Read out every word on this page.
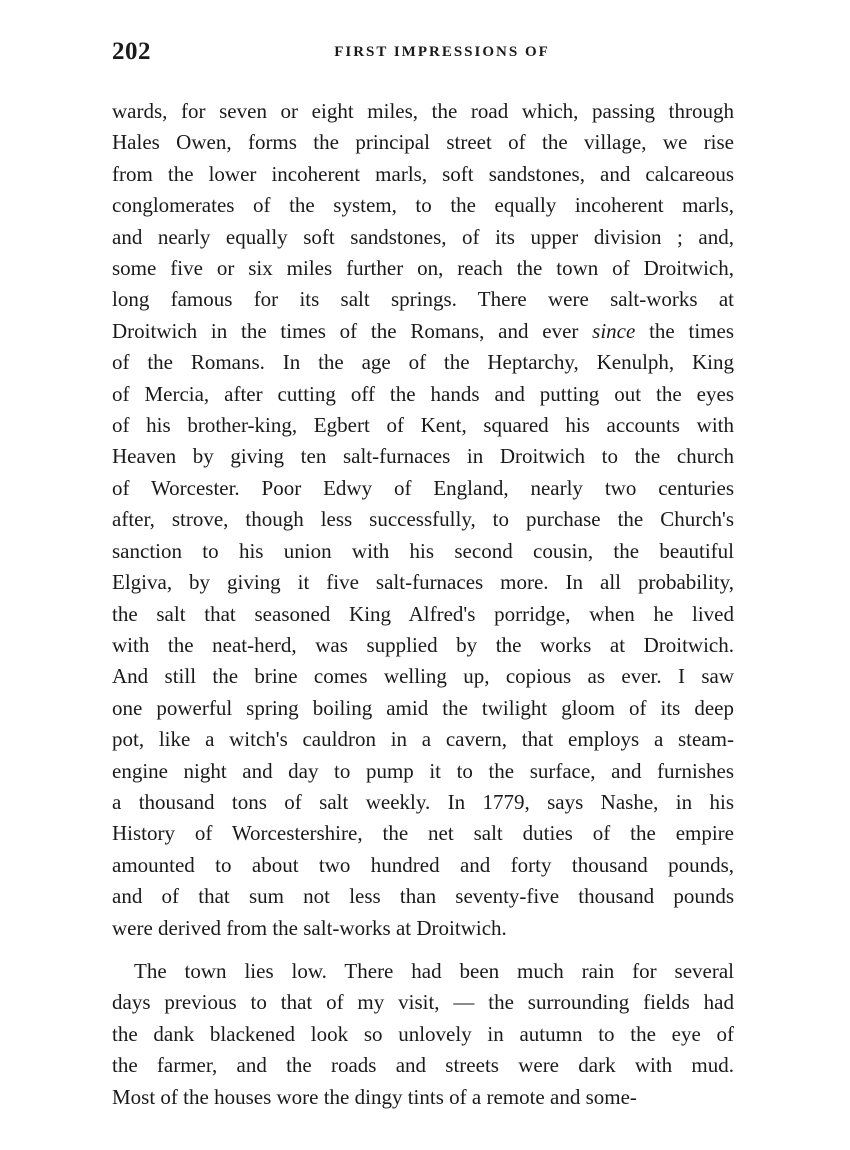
202	FIRST IMPRESSIONS OF
wards, for seven or eight miles, the road which, passing through
Hales Owen, forms the principal street of the village, we rise
from the lower incoherent marls, soft sandstones, and calcareous
conglomerates of the system, to the equally incoherent marls,
and nearly equally soft sandstones, of its upper division ; and,
some five or six miles further on, reach the town of Droitwich,
long famous for its salt springs. There were salt-works at
Droitwich in the times of the Romans, and ever since the times
of the Romans. In the age of the Heptarchy, Kenulph, King
of Mercia, after cutting off the hands and putting out the eyes
of his brother-king, Egbert of Kent, squared his accounts with
Heaven by giving ten salt-furnaces in Droitwich to the church
of Worcester. Poor Edwy of England, nearly two centuries
after, strove, though less successfully, to purchase the Church's
sanction to his union with his second cousin, the beautiful
Elgiva, by giving it five salt-furnaces more. In all probability,
the salt that seasoned King Alfred's porridge, when he lived
with the neat-herd, was supplied by the works at Droitwich.
And still the brine comes welling up, copious as ever. I saw
one powerful spring boiling amid the twilight gloom of its deep
pot, like a witch's cauldron in a cavern, that employs a steam-
engine night and day to pump it to the surface, and furnishes
a thousand tons of salt weekly. In 1779, says Nashe, in his
History of Worcestershire, the net salt duties of the empire
amounted to about two hundred and forty thousand pounds,
and of that sum not less than seventy-five thousand pounds
were derived from the salt-works at Droitwich.
The town lies low. There had been much rain for several
days previous to that of my visit, — the surrounding fields had
the dank blackened look so unlovely in autumn to the eye of
the farmer, and the roads and streets were dark with mud.
Most of the houses wore the dingy tints of a remote and some-
